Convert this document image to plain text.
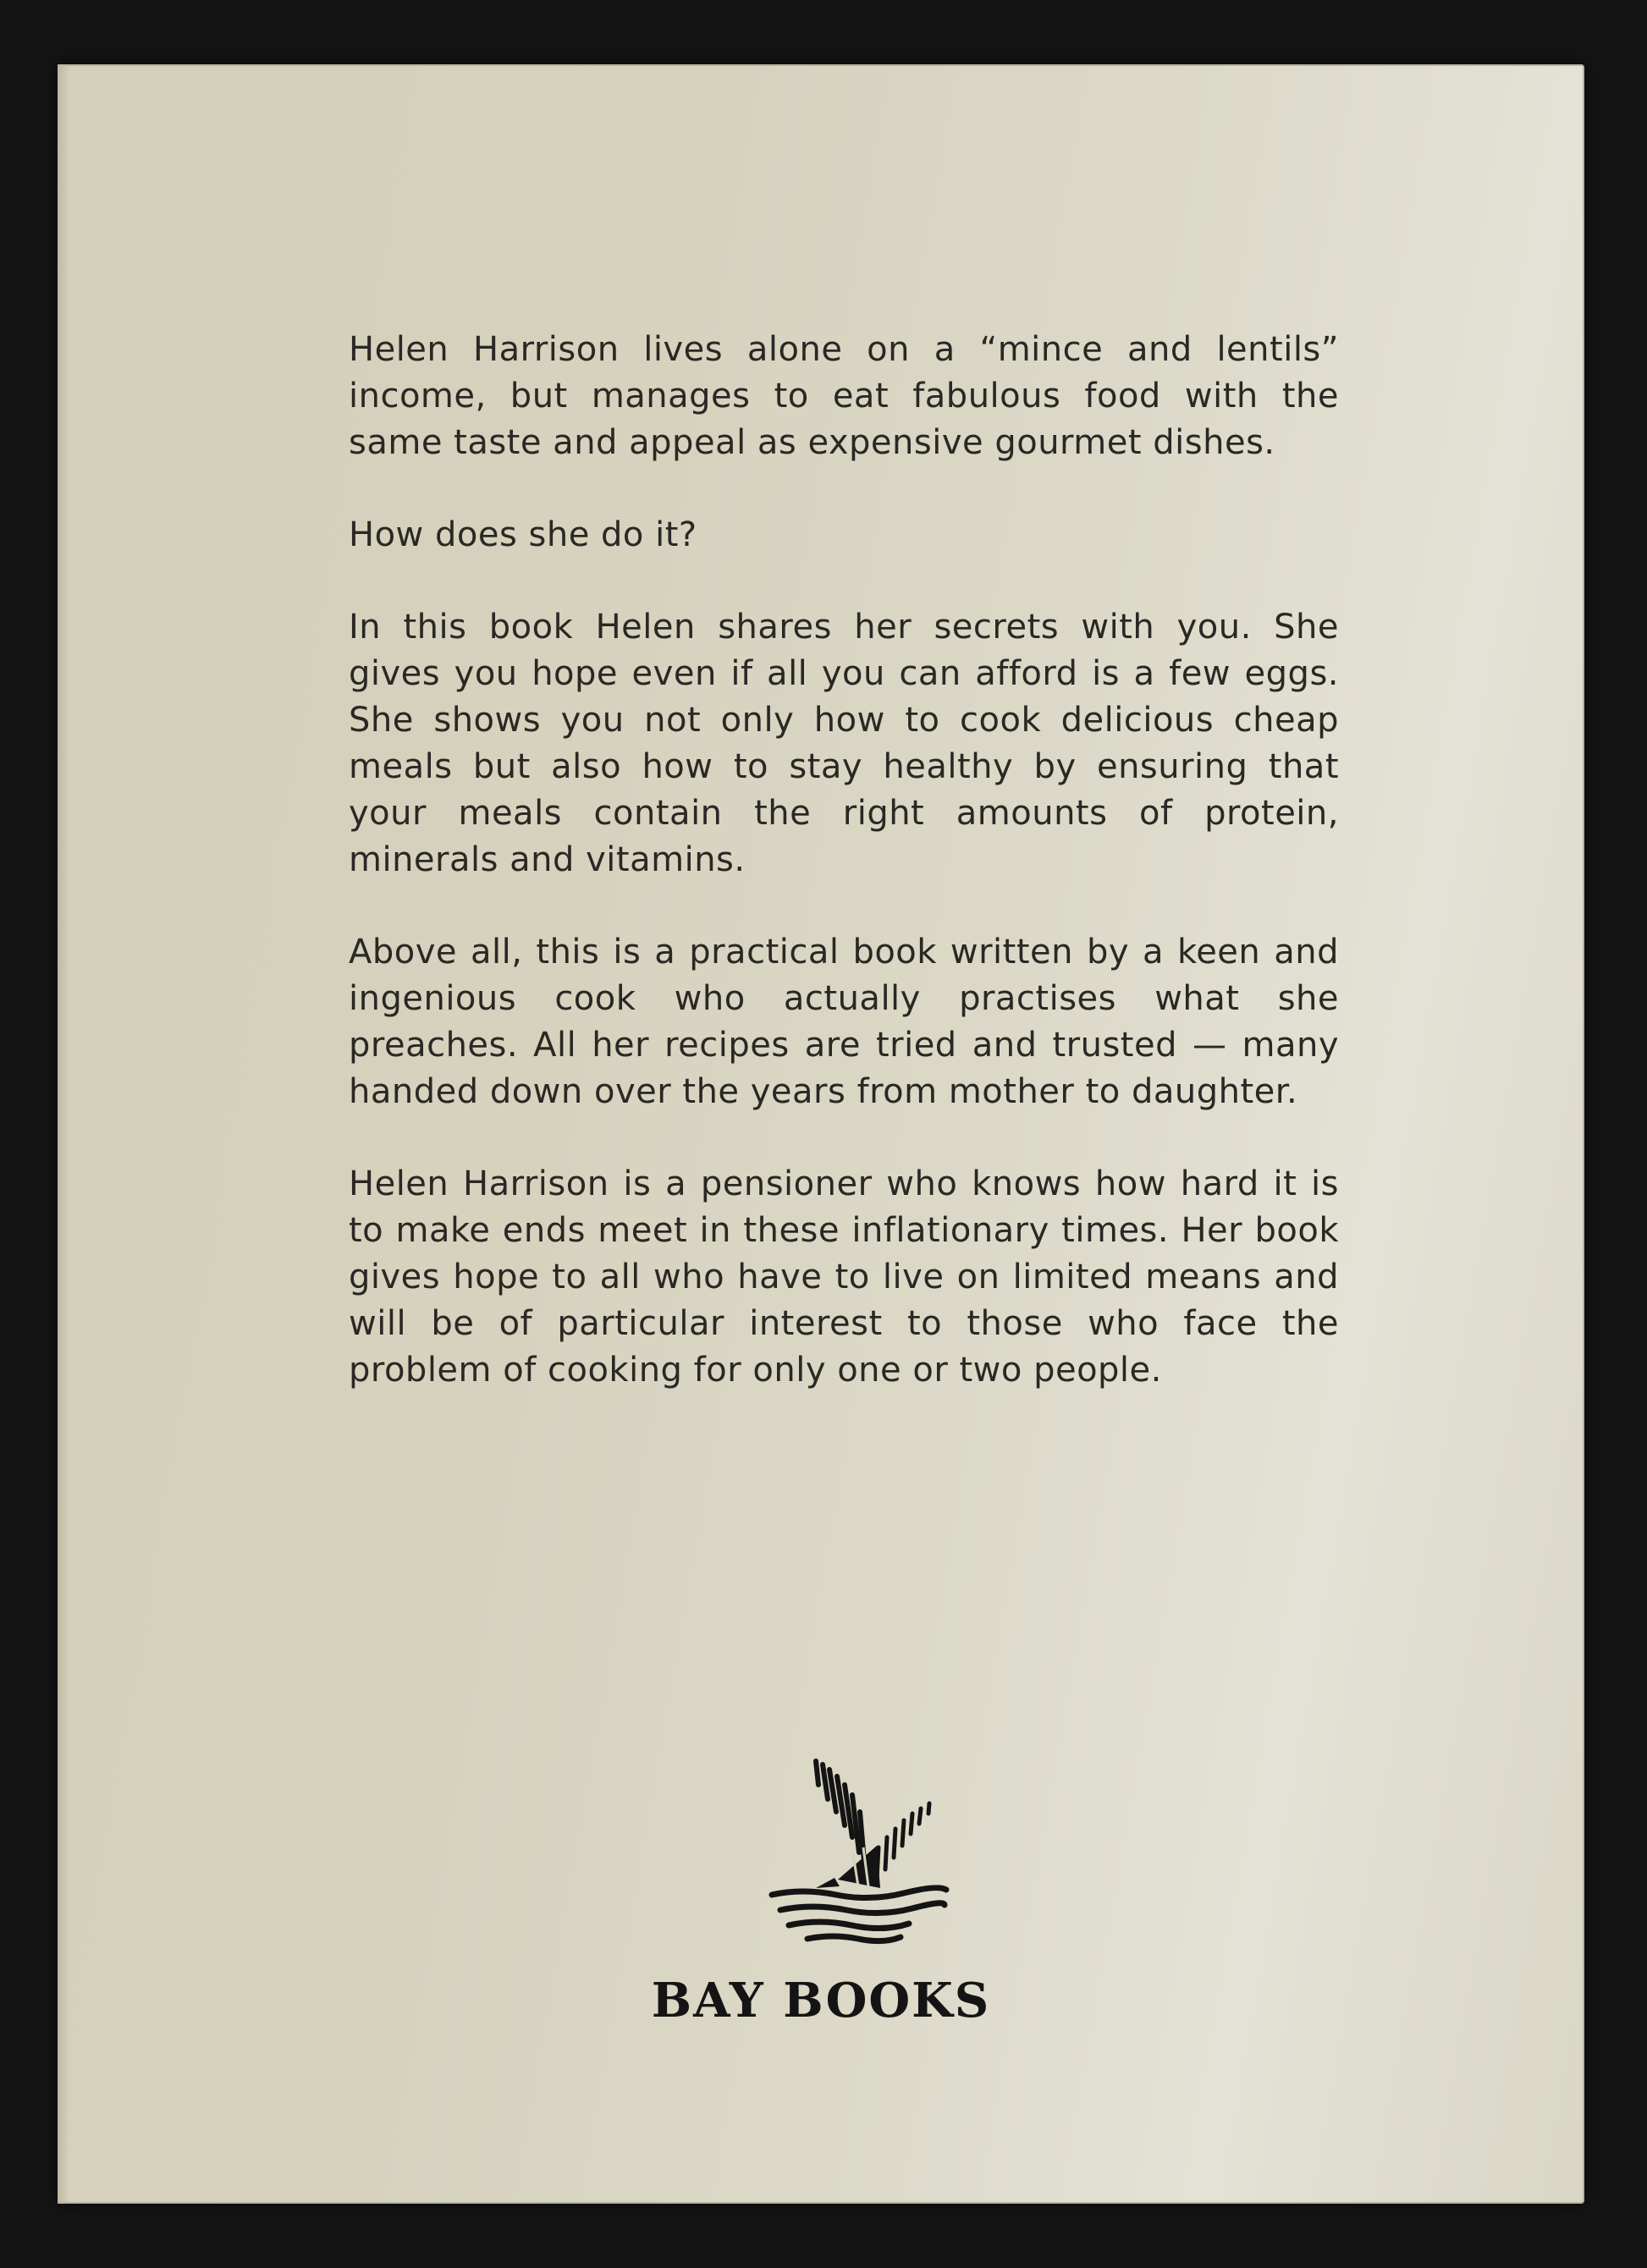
Helen Harrison lives alone on a “mince and lentils” income, but manages to eat fabulous food with the same taste and appeal as expensive gourmet dishes.

How does she do it?

In this book Helen shares her secrets with you. She gives you hope even if all you can afford is a few eggs. She shows you not only how to cook delicious cheap meals but also how to stay healthy by ensuring that your meals contain the right amounts of protein, minerals and vitamins.

Above all, this is a practical book written by a keen and ingenious cook who actually practises what she preaches. All her recipes are tried and trusted — many handed down over the years from mother to daughter.

Helen Harrison is a pensioner who knows how hard it is to make ends meet in these inflationary times. Her book gives hope to all who have to live on limited means and will be of particular interest to those who face the problem of cooking for only one or two people.

BAY BOOKS
